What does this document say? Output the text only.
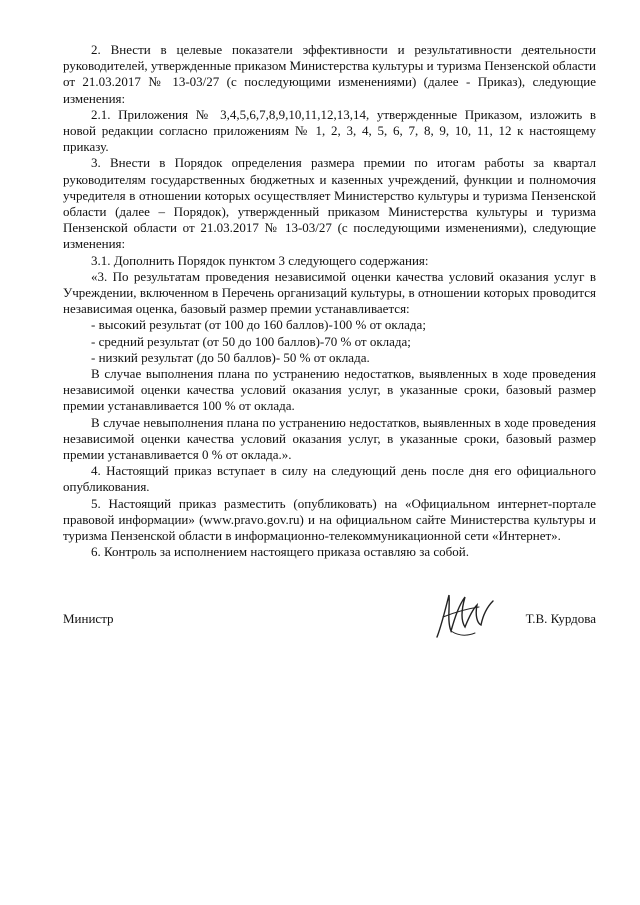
2. Внести в целевые показатели эффективности и результативности деятельности руководителей, утвержденные приказом Министерства культуры и туризма Пензенской области от 21.03.2017 № 13-03/27 (с последующими изменениями) (далее - Приказ), следующие изменения:

2.1. Приложения № 3,4,5,6,7,8,9,10,11,12,13,14, утвержденные Приказом, изложить в новой редакции согласно приложениям № 1, 2, 3, 4, 5, 6, 7, 8, 9, 10, 11, 12 к настоящему приказу.

3. Внести в Порядок определения размера премии по итогам работы за квартал руководителям государственных бюджетных и казенных учреждений, функции и полномочия учредителя в отношении которых осуществляет Министерство культуры и туризма Пензенской области (далее – Порядок), утвержденный приказом Министерства культуры и туризма Пензенской области от 21.03.2017 № 13-03/27 (с последующими изменениями), следующие изменения:

3.1. Дополнить Порядок пунктом 3 следующего содержания:

«3. По результатам проведения независимой оценки качества условий оказания услуг в Учреждении, включенном в Перечень организаций культуры, в отношении которых проводится независимая оценка, базовый размер премии устанавливается:

- высокий результат (от 100 до 160 баллов)-100 % от оклада;

- средний результат (от 50 до 100 баллов)-70 % от оклада;

- низкий результат (до 50 баллов)- 50 % от оклада.

В случае выполнения плана по устранению недостатков, выявленных в ходе проведения независимой оценки качества условий оказания услуг, в указанные сроки, базовый размер премии устанавливается 100 % от оклада.

В случае невыполнения плана по устранению недостатков, выявленных в ходе проведения независимой оценки качества условий оказания услуг, в указанные сроки, базовый размер премии устанавливается 0 % от оклада.».

4. Настоящий приказ вступает в силу на следующий день после дня его официального опубликования.

5. Настоящий приказ разместить (опубликовать) на «Официальном интернет-портале правовой информации» (www.pravo.gov.ru) и на официальном сайте Министерства культуры и туризма Пензенской области в информационно-телекоммуникационной сети «Интернет».

6. Контроль за исполнением настоящего приказа оставляю за собой.

Министр	Т.В. Курдова
